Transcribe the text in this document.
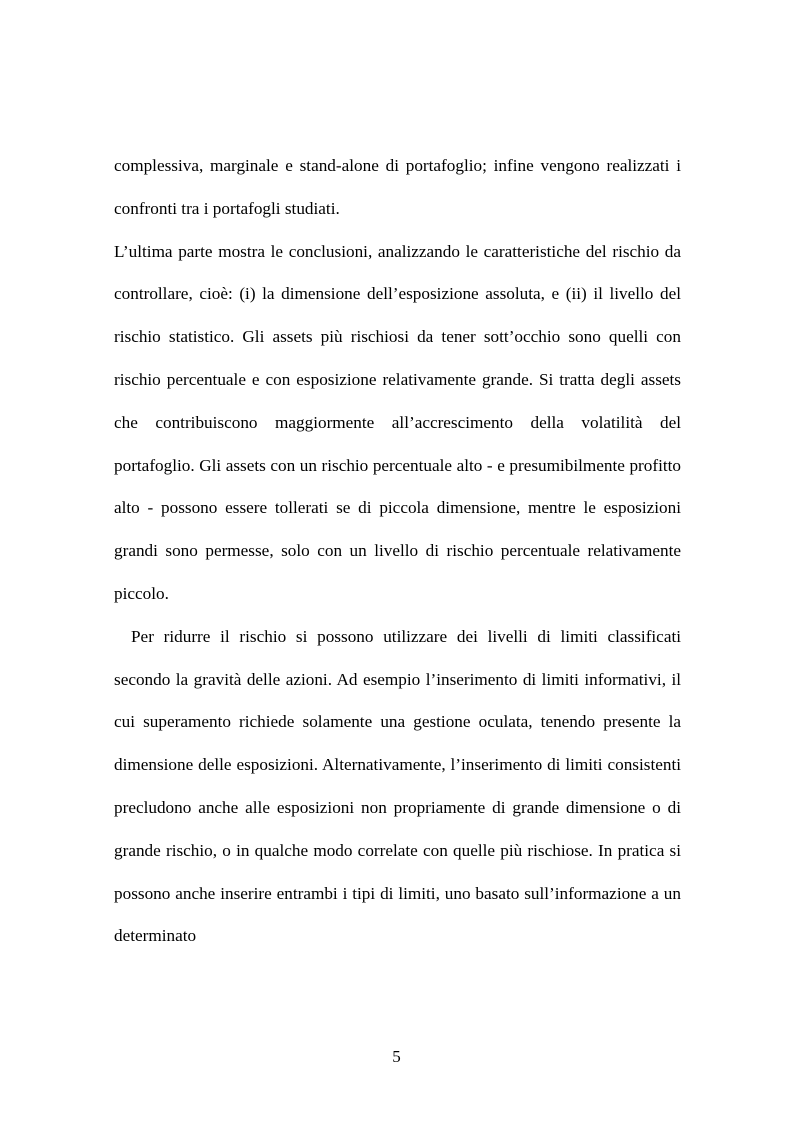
complessiva, marginale e stand-alone di portafoglio; infine vengono realizzati i confronti tra i portafogli studiati.

L’ultima parte mostra le conclusioni, analizzando le caratteristiche del rischio da controllare, cioè: (i) la dimensione dell’esposizione assoluta, e (ii) il livello del rischio statistico. Gli assets più rischiosi da tener sott’occhio sono quelli con rischio percentuale e con esposizione relativamente grande. Si tratta degli assets che contribuiscono maggiormente all’accrescimento della volatilità del portafoglio. Gli assets con un rischio percentuale alto - e presumibilmente profitto alto - possono essere tollerati se di piccola dimensione, mentre le esposizioni grandi sono permesse, solo con un livello di rischio percentuale relativamente piccolo.

Per ridurre il rischio si possono utilizzare dei livelli di limiti classificati secondo la gravità delle azioni. Ad esempio l’inserimento di limiti informativi, il cui superamento richiede solamente una gestione oculata, tenendo presente la dimensione delle esposizioni. Alternativamente, l’inserimento di limiti consistenti precludono anche alle esposizioni non propriamente di grande dimensione o di grande rischio, o in qualche modo correlate con quelle più rischiose. In pratica si possono anche inserire entrambi i tipi di limiti, uno basato sull’informazione a un determinato

5
